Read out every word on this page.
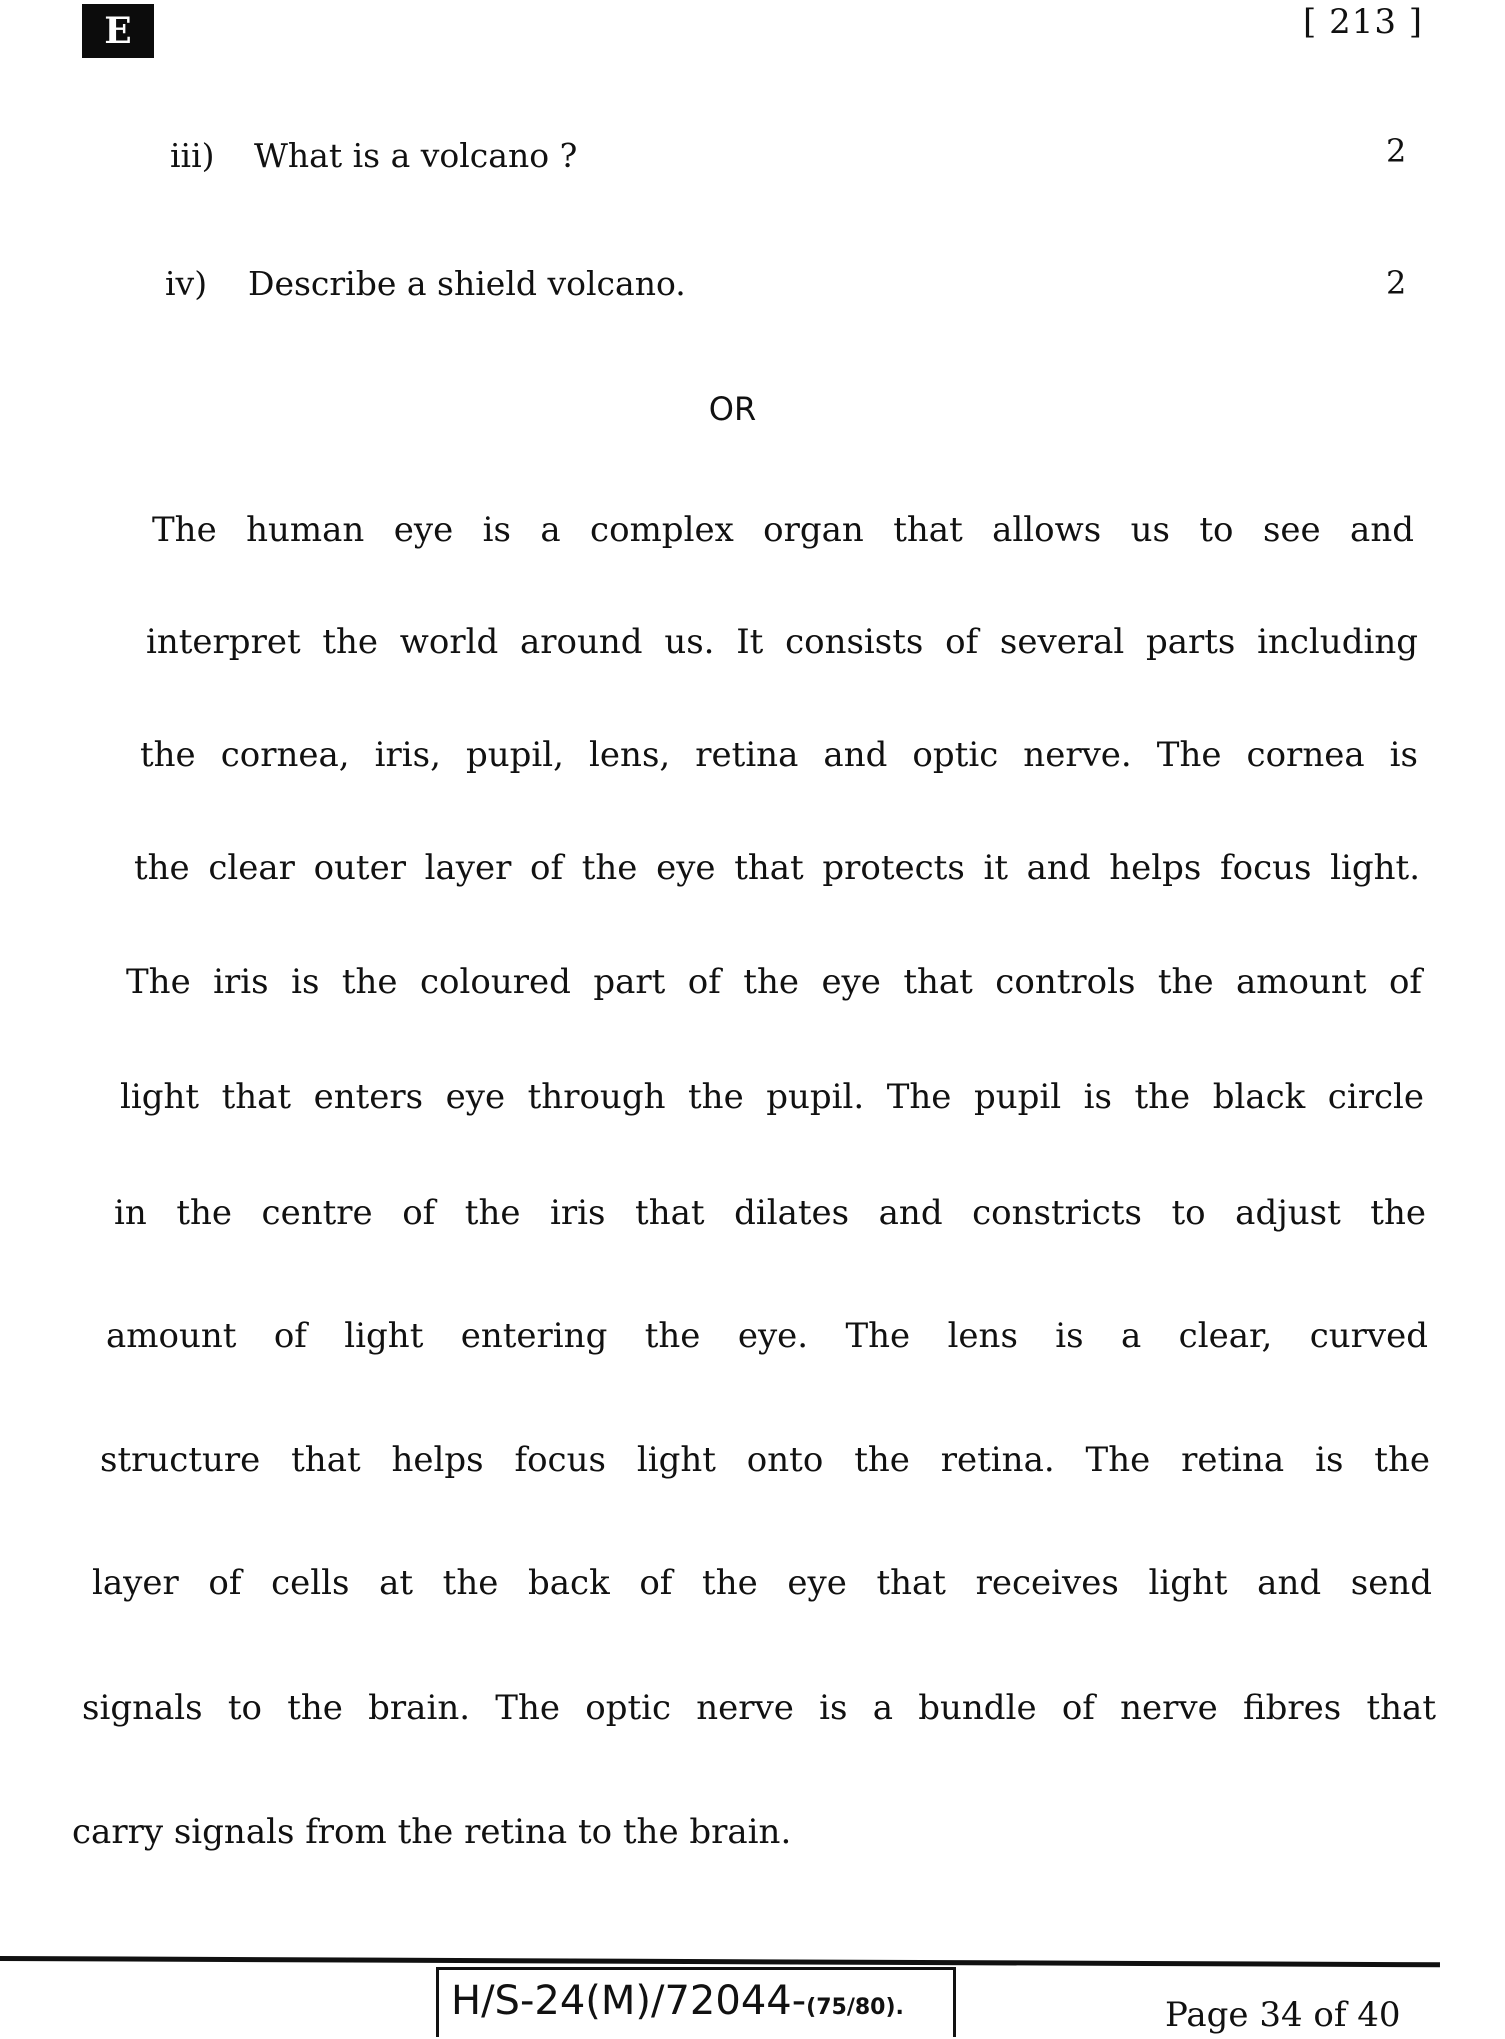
E	[ 213 ]
iii) What is a volcano ?	2
iv) Describe a shield volcano.	2
OR
The human eye is a complex organ that allows us to see and
interpret the world around us. It consists of several parts including
the cornea, iris, pupil, lens, retina and optic nerve. The cornea is
the clear outer layer of the eye that protects it and helps focus light.
The iris is the coloured part of the eye that controls the amount of
light that enters eye through the pupil. The pupil is the black circle
in the centre of the iris that dilates and constricts to adjust the
amount of light entering the eye. The lens is a clear, curved
structure that helps focus light onto the retina. The retina is the
layer of cells at the back of the eye that receives light and send
signals to the brain. The optic nerve is a bundle of nerve fibres that
carry signals from the retina to the brain.
H/S-24(M)/72044-(75/80).	Page 34 of 40
